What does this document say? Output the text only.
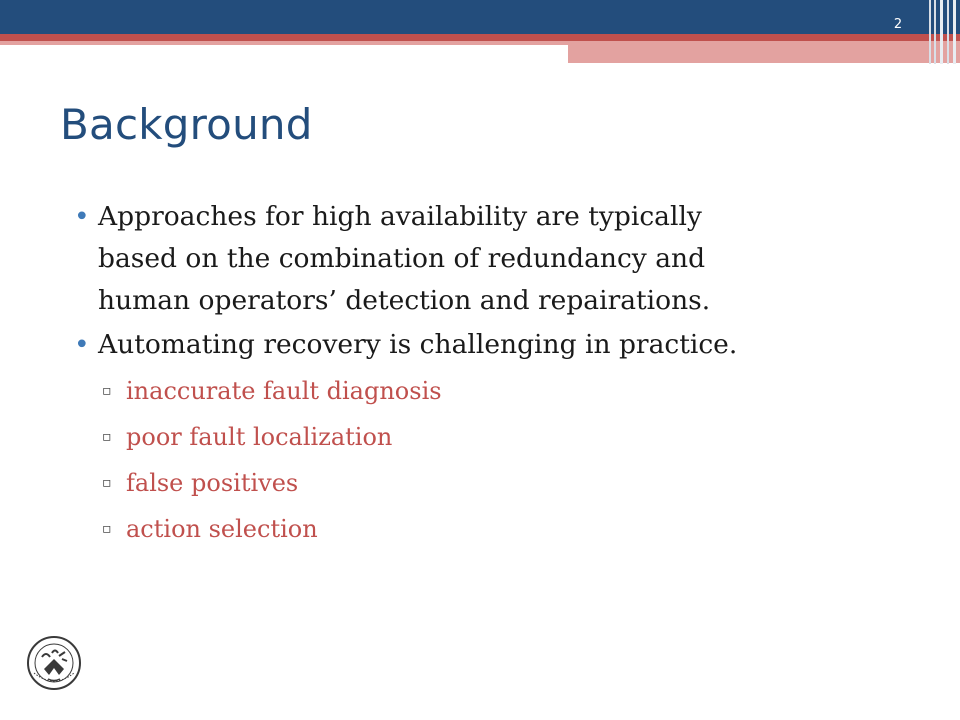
2
Background
• Approaches for high availability are typically
based on the combination of redundancy and
human operators’ detection and repairations.
• Automating recovery is challenging in practice.
▫ inaccurate fault diagnosis
▫ poor fault localization
▫ false positives
▫ action selection
